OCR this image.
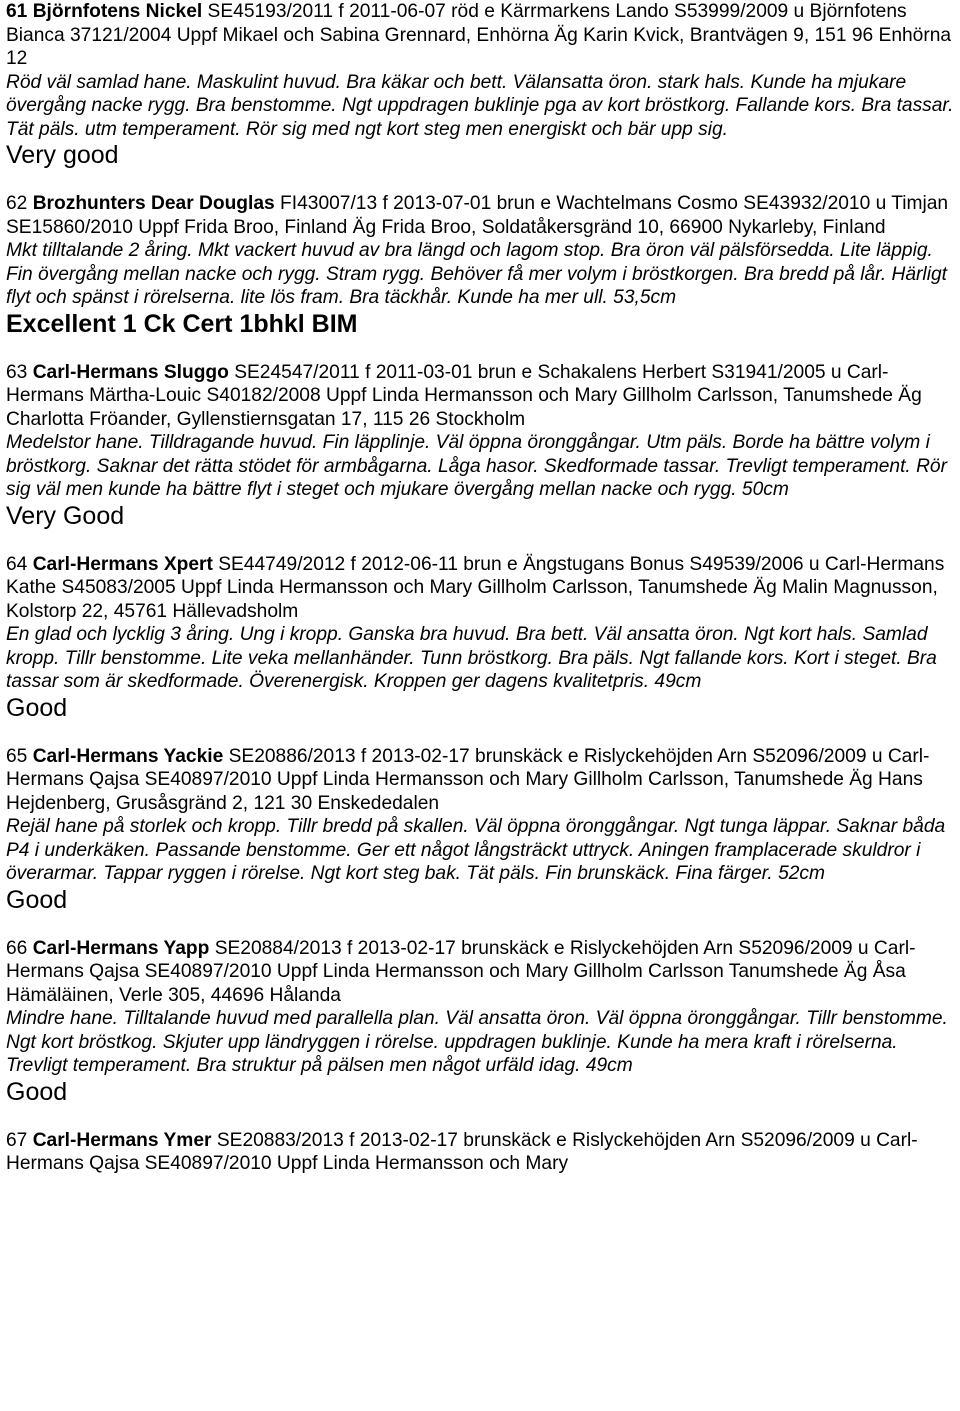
61 Björnfotens Nickel SE45193/2011 f 2011-06-07 röd e Kärrmarkens Lando S53999/2009 u Björnfotens Bianca 37121/2004 Uppf Mikael och Sabina Grennard, Enhörna Äg Karin Kvick, Brantvägen 9, 151 96 Enhörna 12

Röd väl samlad hane. Maskulint huvud. Bra käkar och bett. Välansatta öron. stark hals. Kunde ha mjukare övergång nacke rygg. Bra benstomme. Ngt uppdragen buklinje pga av kort bröstkorg. Fallande kors. Bra tassar. Tät päls. utm temperament. Rör sig med ngt kort steg men energiskt och bär upp sig.

Very good

62 Brozhunters Dear Douglas FI43007/13 f 2013-07-01 brun e Wachtelmans Cosmo SE43932/2010 u Timjan SE15860/2010 Uppf Frida Broo, Finland Äg Frida Broo, Soldatåkersgränd 10, 66900 Nykarleby, Finland

Mkt tilltalande 2 åring. Mkt vackert huvud av bra längd och lagom stop. Bra öron väl pälsförsedda. Lite läppig. Fin övergång mellan nacke och rygg. Stram rygg. Behöver få mer volym i bröstkorgen. Bra bredd på lår. Härligt flyt och spänst i rörelserna. lite lös fram. Bra täckhår. Kunde ha mer ull. 53,5cm

Excellent 1 Ck Cert 1bhkl BIM

63 Carl-Hermans Sluggo SE24547/2011 f 2011-03-01 brun e Schakalens Herbert S31941/2005 u Carl-Hermans Märtha-Louic S40182/2008 Uppf Linda Hermansson och Mary Gillholm Carlsson, Tanumshede Äg Charlotta Fröander, Gyllenstiernsgatan 17, 115 26 Stockholm

Medelstor hane. Tilldragande huvud. Fin läpplinje. Väl öppna öronggångar. Utm päls. Borde ha bättre volym i bröstkorg. Saknar det rätta stödet för armbågarna. Låga hasor. Skedformade tassar. Trevligt temperament. Rör sig väl men kunde ha bättre flyt i steget och mjukare övergång mellan nacke och rygg. 50cm

Very Good

64 Carl-Hermans Xpert SE44749/2012 f 2012-06-11 brun e Ängstugans Bonus S49539/2006 u Carl-Hermans Kathe S45083/2005 Uppf Linda Hermansson och Mary Gillholm Carlsson, Tanumshede Äg Malin Magnusson, Kolstorp 22, 45761 Hällevadsholm

En glad och lycklig 3 åring. Ung i kropp. Ganska bra huvud. Bra bett. Väl ansatta öron. Ngt kort hals. Samlad kropp. Tillr benstomme. Lite veka mellanhänder. Tunn bröstkorg. Bra päls. Ngt fallande kors. Kort i steget. Bra tassar som är skedformade. Överenergisk. Kroppen ger dagens kvalitetpris. 49cm

Good

65 Carl-Hermans Yackie SE20886/2013 f 2013-02-17 brunskäck e Rislyckehöjden Arn S52096/2009 u Carl-Hermans Qajsa SE40897/2010 Uppf Linda Hermansson och Mary Gillholm Carlsson, Tanumshede Äg Hans Hejdenberg, Grusåsgränd 2, 121 30 Enskededalen

Rejäl hane på storlek och kropp. Tillr bredd på skallen. Väl öppna öronggångar. Ngt tunga läppar. Saknar båda P4 i underkäken. Passande benstomme. Ger ett något långsträckt uttryck. Aningen framplacerade skuldror i överarmar. Tappar ryggen i rörelse. Ngt kort steg bak. Tät päls. Fin brunskäck. Fina färger. 52cm

Good

66 Carl-Hermans Yapp SE20884/2013 f 2013-02-17 brunskäck e Rislyckehöjden Arn S52096/2009 u Carl-Hermans Qajsa SE40897/2010 Uppf Linda Hermansson och Mary Gillholm Carlsson Tanumshede Äg Åsa Hämäläinen, Verle 305, 44696 Hålanda

Mindre hane. Tilltalande huvud med parallella plan. Väl ansatta öron. Väl öppna öronggångar. Tillr benstomme. Ngt kort bröstkog. Skjuter upp ländryggen i rörelse. uppdragen buklinje. Kunde ha mera kraft i rörelserna. Trevligt temperament. Bra struktur på pälsen men något urfäld idag. 49cm

Good

67 Carl-Hermans Ymer SE20883/2013 f 2013-02-17 brunskäck e Rislyckehöjden Arn S52096/2009 u Carl-Hermans Qajsa SE40897/2010 Uppf Linda Hermansson och Mary
